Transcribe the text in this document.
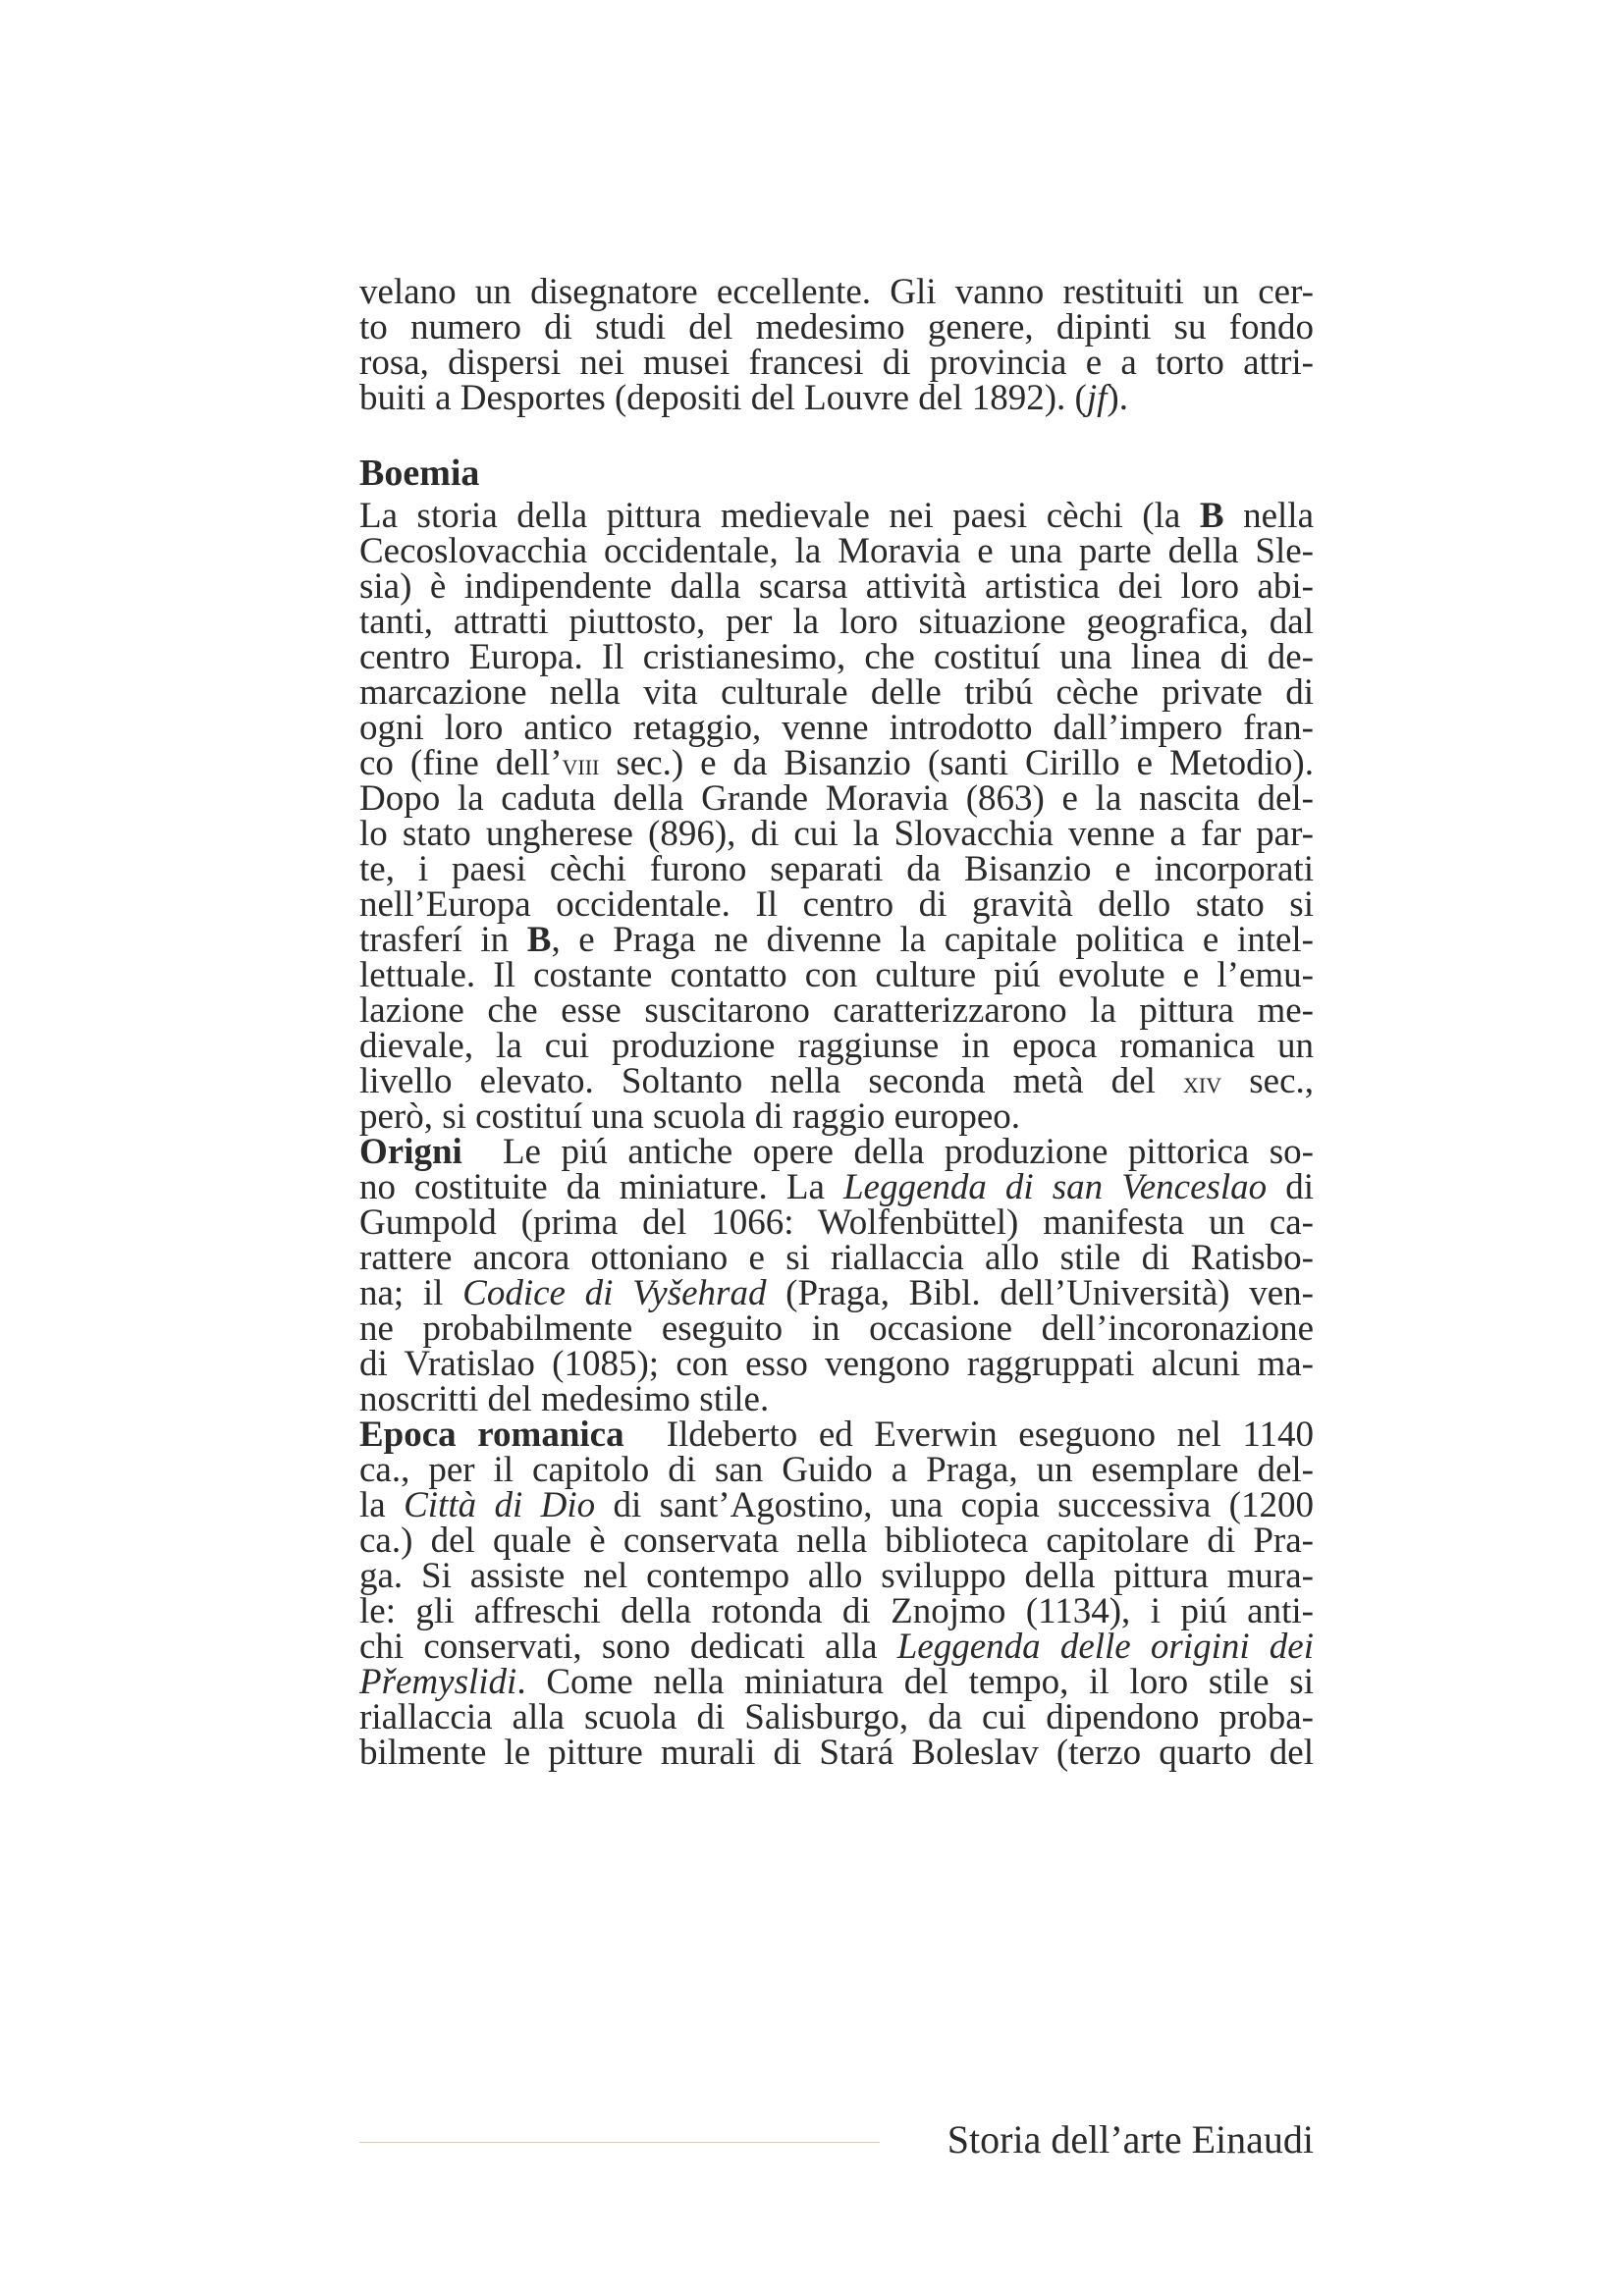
velano un disegnatore eccellente. Gli vanno restituiti un cer-
to numero di studi del medesimo genere, dipinti su fondo
rosa, dispersi nei musei francesi di provincia e a torto attri-
buiti a Desportes (depositi del Louvre del 1892). (jf).
Boemia
La storia della pittura medievale nei paesi cèchi (la B nella
Cecoslovacchia occidentale, la Moravia e una parte della Sle-
sia) è indipendente dalla scarsa attività artistica dei loro abi-
tanti, attratti piuttosto, per la loro situazione geografica, dal
centro Europa. Il cristianesimo, che costituí una linea di de-
marcazione nella vita culturale delle tribú cèche private di
ogni loro antico retaggio, venne introdotto dall’impero fran-
co (fine dell’viii sec.) e da Bisanzio (santi Cirillo e Metodio).
Dopo la caduta della Grande Moravia (863) e la nascita del-
lo stato ungherese (896), di cui la Slovacchia venne a far par-
te, i paesi cèchi furono separati da Bisanzio e incorporati
nell’Europa occidentale. Il centro di gravità dello stato si
trasferí in B, e Praga ne divenne la capitale politica e intel-
lettuale. Il costante contatto con culture piú evolute e l’emu-
lazione che esse suscitarono caratterizzarono la pittura me-
dievale, la cui produzione raggiunse in epoca romanica un
livello elevato. Soltanto nella seconda metà del xiv sec.,
però, si costituí una scuola di raggio europeo.
Origni  Le piú antiche opere della produzione pittorica so-
no costituite da miniature. La Leggenda di san Venceslao di
Gumpold (prima del 1066: Wolfenbüttel) manifesta un ca-
rattere ancora ottoniano e si riallaccia allo stile di Ratisbo-
na; il Codice di Vyšehrad (Praga, Bibl. dell’Università) ven-
ne probabilmente eseguito in occasione dell’incoronazione
di Vratislao (1085); con esso vengono raggruppati alcuni ma-
noscritti del medesimo stile.
Epoca romanica  Ildeberto ed Everwin eseguono nel 1140
ca., per il capitolo di san Guido a Praga, un esemplare del-
la Città di Dio di sant’Agostino, una copia successiva (1200
ca.) del quale è conservata nella biblioteca capitolare di Pra-
ga. Si assiste nel contempo allo sviluppo della pittura mura-
le: gli affreschi della rotonda di Znojmo (1134), i piú anti-
chi conservati, sono dedicati alla Leggenda delle origini dei
Přemyslidi. Come nella miniatura del tempo, il loro stile si
riallaccia alla scuola di Salisburgo, da cui dipendono proba-
bilmente le pitture murali di Stará Boleslav (terzo quarto del
Storia dell’arte Einaudi
